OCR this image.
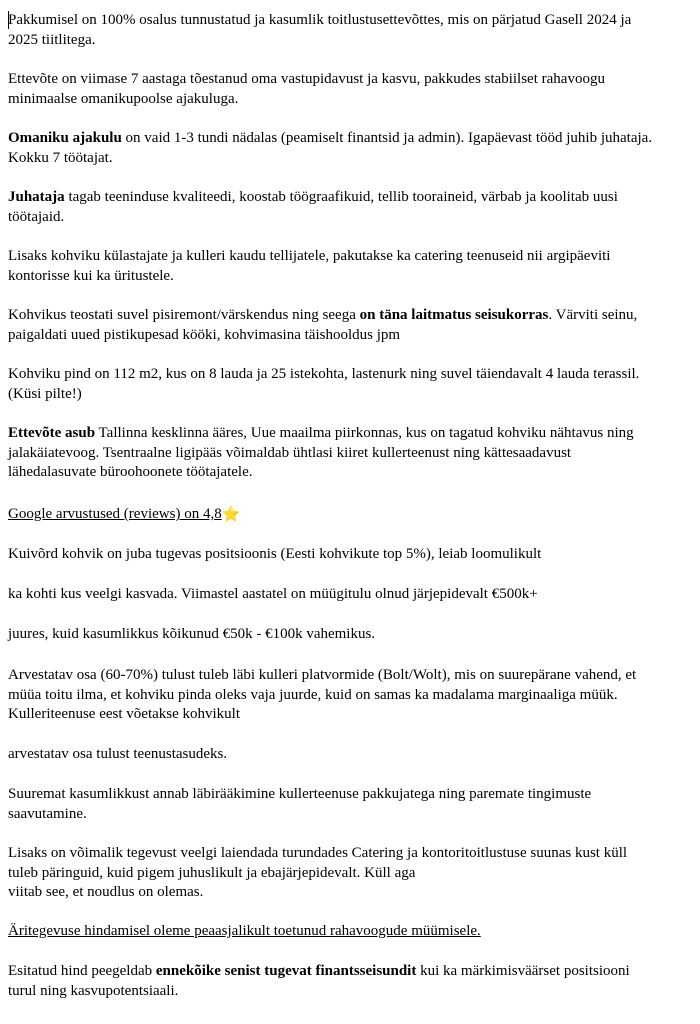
Pakkumisel on 100% osalus tunnustatud ja kasumlik toitlustusettevõttes, mis on pärjatud Gasell 2024 ja 2025 tiitlitega.

Ettevõte on viimase 7 aastaga tõestanud oma vastupidavust ja kasvu, pakkudes stabiilset rahavoogu minimaalse omanikupoolse ajakuluga.

Omaniku ajakulu on vaid 1-3 tundi nädalas (peamiselt finantsid ja admin). Igapäevast tööd juhib juhataja. Kokku 7 töötajat.

Juhataja tagab teeninduse kvaliteedi, koostab töögraafikuid, tellib tooraineid, värbab ja koolitab uusi töötajaid.

Lisaks kohviku külastajate ja kulleri kaudu tellijatele, pakutakse ka catering teenuseid nii argipäeviti kontorisse kui ka üritustele.

Kohvikus teostati suvel pisiremont/värskendus ning seega on täna laitmatus seisukorras. Värviti seinu, paigaldati uued pistikupesad kööki, kohvimasina täishooldus jpm

Kohviku pind on 112 m2, kus on 8 lauda ja 25 istekohta, lastenurk ning suvel täiendavalt 4 lauda terassil. (Küsi pilte!)

Ettevõte asub Tallinna kesklinna ääres, Uue maailma piirkonnas, kus on tagatud kohviku nähtavus ning jalakäiatevoog. Tsentraalne ligipääs võimaldab ühtlasi kiiret kullerteenust ning kättesaadavust lähedalasuvate büroohoonete töötajatele.

Google arvustused (reviews) on 4,8⭐

Kuivõrd kohvik on juba tugevas positsioonis (Eesti kohvikute top 5%), leiab loomulikult

ka kohti kus veelgi kasvada. Viimastel aastatel on müügitulu olnud järjepidevalt €500k+

juures, kuid kasumlikkus kõikunud €50k - €100k vahemikus.

Arvestatav osa (60-70%) tulust tuleb läbi kulleri platvormide (Bolt/Wolt), mis on suurepärane vahend, et müüa toitu ilma, et kohviku pinda oleks vaja juurde, kuid on samas ka madalama marginaaliga müük. Kulleriteenuse eest võetakse kohvikult

arvestatav osa tulust teenustasudeks.

Suuremat kasumlikkust annab läbirääkimine kullerteenuse pakkujatega ning paremate tingimuste saavutamine.

Lisaks on võimalik tegevust veelgi laiendada turundades Catering ja kontoritoitlustuse suunas kust küll tuleb päringuid, kuid pigem juhuslikult ja ebajärjepidevalt. Küll aga
viitab see, et noudlus on olemas.

Äritegevuse hindamisel oleme peaasjalikult toetunud rahavoogude müümisele.

Esitatud hind peegeldab ennekõike senist tugevat finantsseisundit kui ka märkimisväärset positsiooni turul ning kasvupotentsiaali.
